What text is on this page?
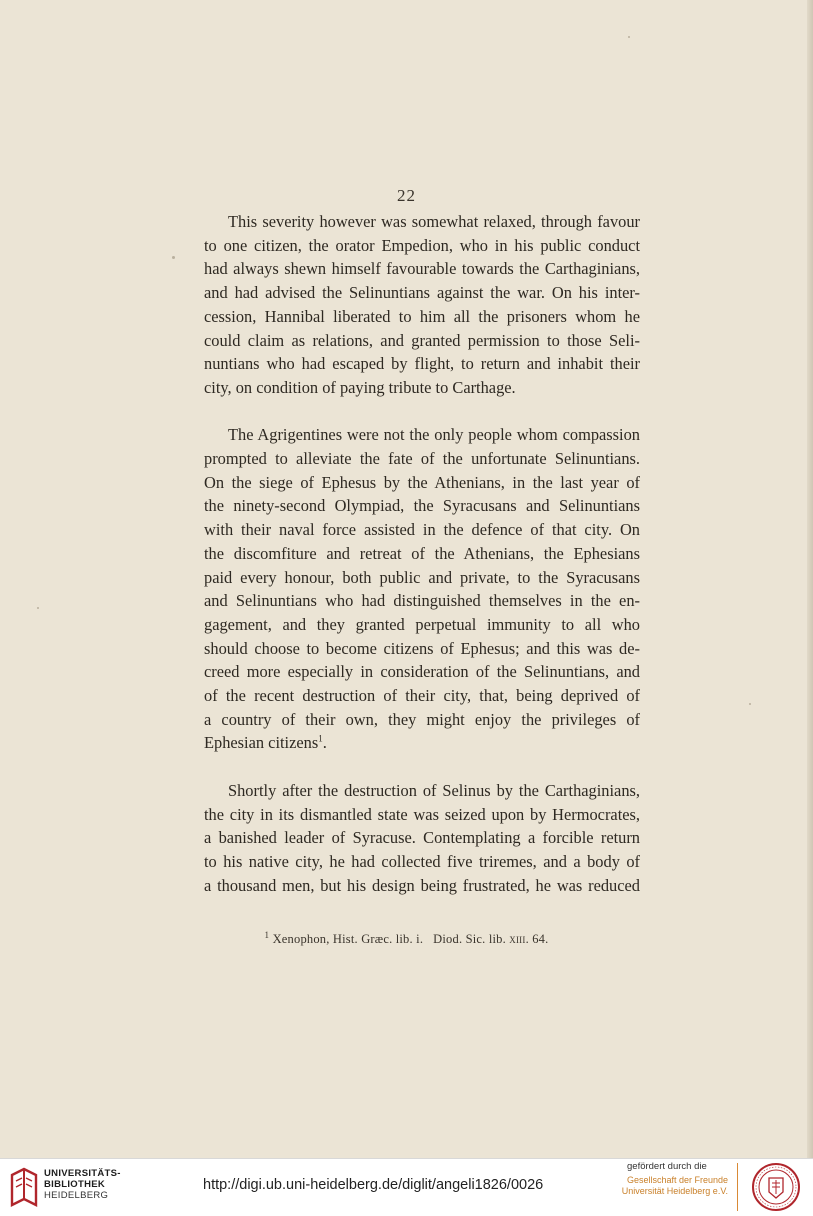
22

This severity however was somewhat relaxed, through favour
to one citizen, the orator Empedion, who in his public conduct
had always shewn himself favourable towards the Carthaginians,
and had advised the Selinuntians against the war. On his inter-
cession, Hannibal liberated to him all the prisoners whom he
could claim as relations, and granted permission to those Seli-
nuntians who had escaped by flight, to return and inhabit their
city, on condition of paying tribute to Carthage.

The Agrigentines were not the only people whom compassion
prompted to alleviate the fate of the unfortunate Selinuntians.
On the siege of Ephesus by the Athenians, in the last year of
the ninety-second Olympiad, the Syracusans and Selinuntians
with their naval force assisted in the defence of that city. On
the discomfiture and retreat of the Athenians, the Ephesians
paid every honour, both public and private, to the Syracusans
and Selinuntians who had distinguished themselves in the en-
gagement, and they granted perpetual immunity to all who
should choose to become citizens of Ephesus; and this was de-
creed more especially in consideration of the Selinuntians, and
of the recent destruction of their city, that, being deprived of
a country of their own, they might enjoy the privileges of
Ephesian citizens$^1$.

Shortly after the destruction of Selinus by the Carthaginians,
the city in its dismantled state was seized upon by Hermocrates,
a banished leader of Syracuse. Contemplating a forcible return
to his native city, he had collected five triremes, and a body of
a thousand men, but his design being frustrated, he was reduced

$^1$ Xenophon, Hist. Græc. lib. i. Diod. Sic. lib. xiii. 64.
UNIVERSITÄTS-
BIBLIOTHEK
HEIDELBERG
http://digi.ub.uni-heidelberg.de/diglit/angeli1826/0026
gefördert durch die
Gesellschaft der Freunde
Universität Heidelberg e.V.
